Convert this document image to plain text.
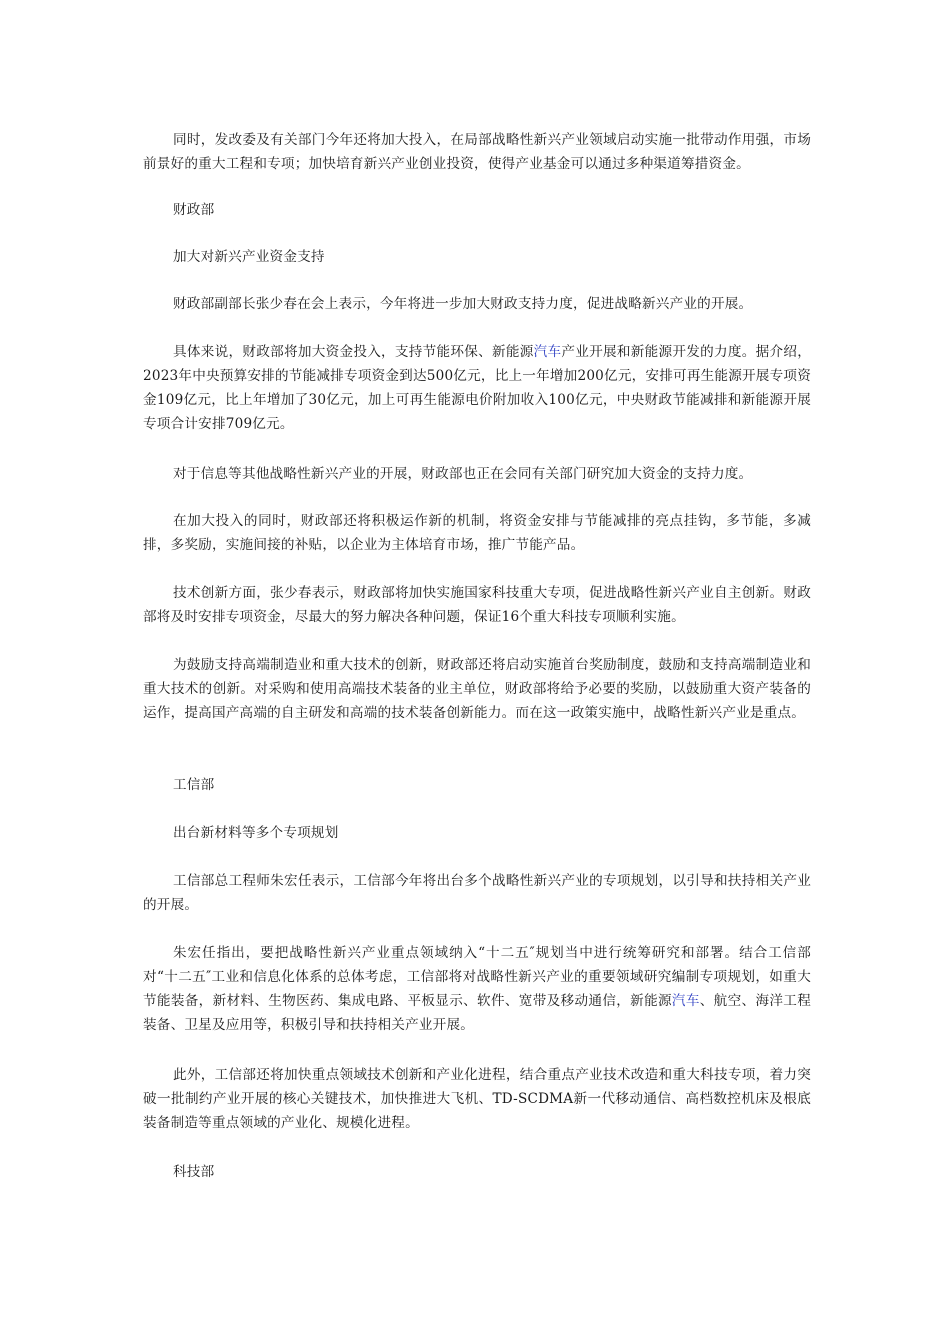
同时，发改委及有关部门今年还将加大投入，在局部战略性新兴产业领域启动实施一批带动作用强，市场前景好的重大工程和专项；加快培育新兴产业创业投资，使得产业基金可以通过多种渠道筹措资金。

财政部

加大对新兴产业资金支持

财政部副部长张少春在会上表示，今年将进一步加大财政支持力度，促进战略新兴产业的开展。

具体来说，财政部将加大资金投入，支持节能环保、新能源汽车产业开展和新能源开发的力度。据介绍，2023年中央预算安排的节能减排专项资金到达500亿元，比上一年增加200亿元，安排可再生能源开展专项资金109亿元，比上年增加了30亿元，加上可再生能源电价附加收入100亿元，中央财政节能减排和新能源开展专项合计安排709亿元。

对于信息等其他战略性新兴产业的开展，财政部也正在会同有关部门研究加大资金的支持力度。

在加大投入的同时，财政部还将积极运作新的机制，将资金安排与节能减排的亮点挂钩，多节能，多减排，多奖励，实施间接的补贴，以企业为主体培育市场，推广节能产品。

技术创新方面，张少春表示，财政部将加快实施国家科技重大专项，促进战略性新兴产业自主创新。财政部将及时安排专项资金，尽最大的努力解决各种问题，保证16个重大科技专项顺利实施。

为鼓励支持高端制造业和重大技术的创新，财政部还将启动实施首台奖励制度，鼓励和支持高端制造业和重大技术的创新。对采购和使用高端技术装备的业主单位，财政部将给予必要的奖励，以鼓励重大资产装备的运作，提高国产高端的自主研发和高端的技术装备创新能力。而在这一政策实施中，战略性新兴产业是重点。

工信部

出台新材料等多个专项规划

工信部总工程师朱宏任表示，工信部今年将出台多个战略性新兴产业的专项规划，以引导和扶持相关产业的开展。

朱宏任指出，要把战略性新兴产业重点领域纳入“十二五″规划当中进行统筹研究和部署。结合工信部对“十二五″工业和信息化体系的总体考虑，工信部将对战略性新兴产业的重要领域研究编制专项规划，如重大节能装备，新材料、生物医药、集成电路、平板显示、软件、宽带及移动通信，新能源汽车、航空、海洋工程装备、卫星及应用等，积极引导和扶持相关产业开展。

此外，工信部还将加快重点领域技术创新和产业化进程，结合重点产业技术改造和重大科技专项，着力突破一批制约产业开展的核心关键技术，加快推进大飞机、TD-SCDMA新一代移动通信、高档数控机床及根底装备制造等重点领域的产业化、规模化进程。

科技部
